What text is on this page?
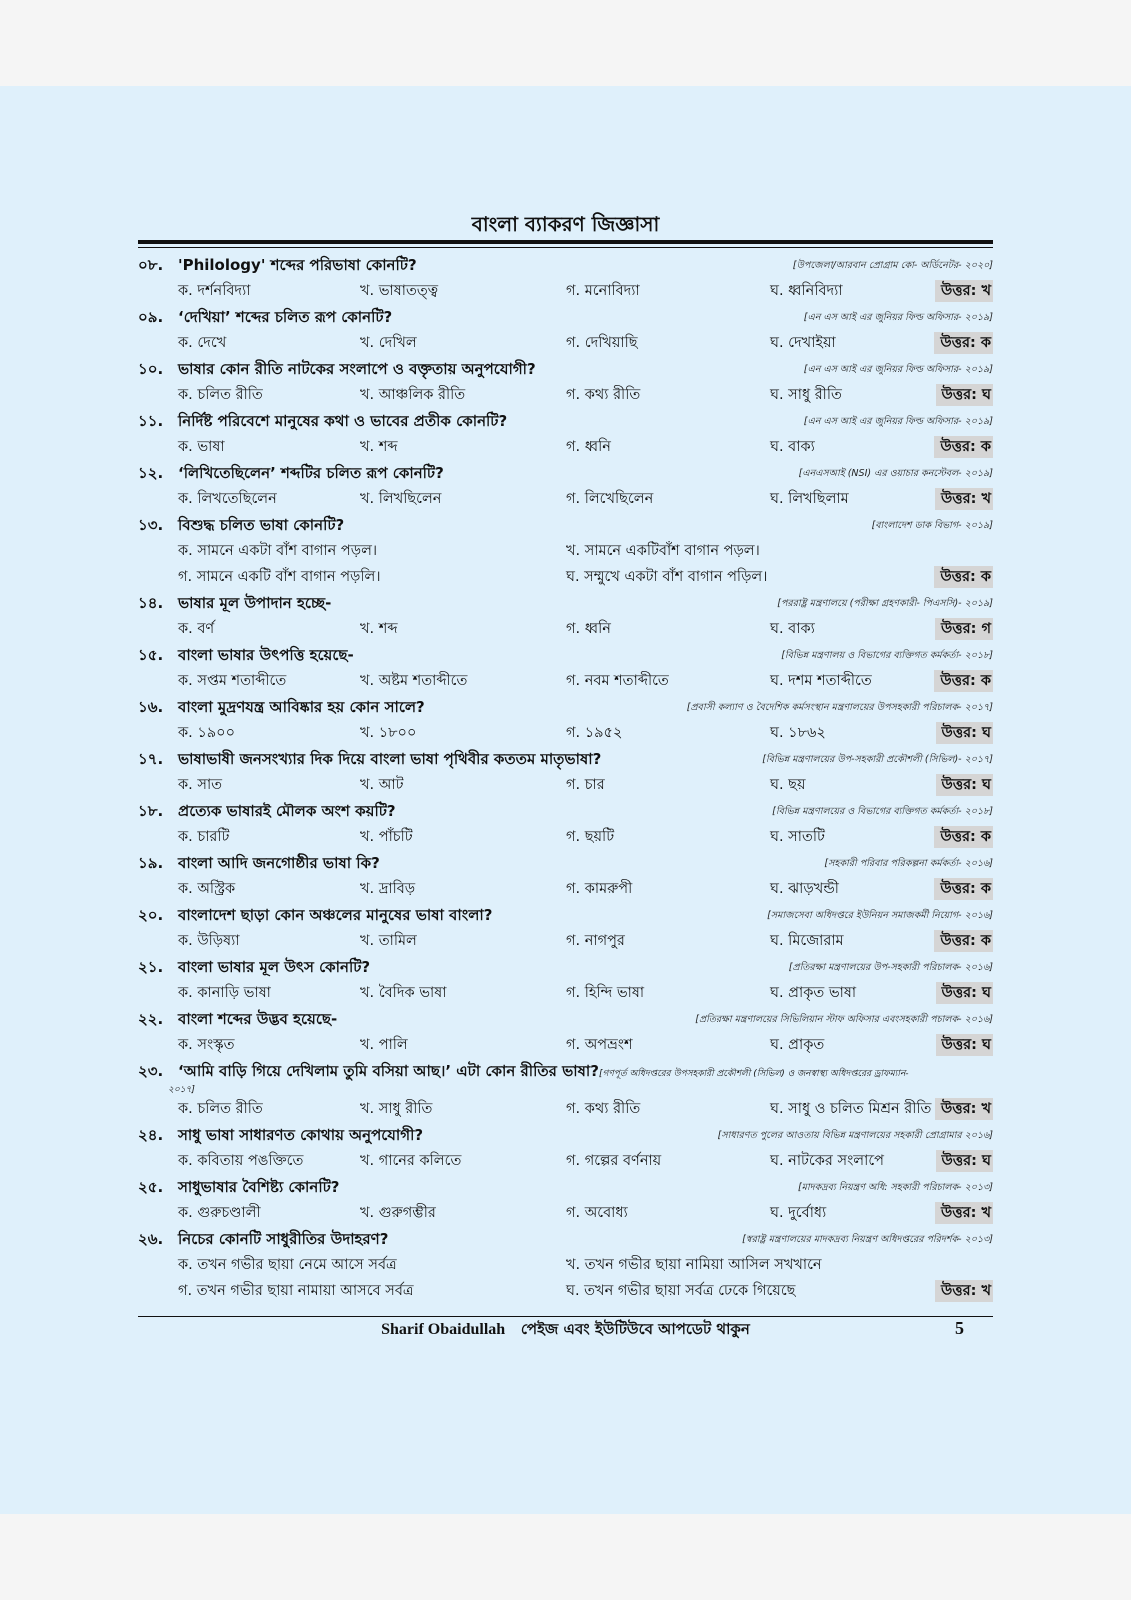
বাংলা ব্যাকরণ জিজ্ঞাসা
০৮. 'Philology' শব্দের পরিভাষা কোনটি?	[উপজেলা/আরবান প্রোগ্রাম কো- অর্ডিনেটর- ২০২০]
ক. দর্শনবিদ্যা	খ. ভাষাতত্ত্ব	গ. মনোবিদ্যা	ঘ. ধ্বনিবিদ্যা	উত্তর: খ
০৯. ‘দেখিয়া’ শব্দের চলিত রূপ কোনটি?	[এন এস আই এর জুনিয়র ফিল্ড অফিসার- ২০১৯]
ক. দেখে	খ. দেখিল	গ. দেখিয়াছি	ঘ. দেখাইয়া	উত্তর: ক
১০. ভাষার কোন রীতি নাটকের সংলাপে ও বক্তৃতায় অনুপযোগী?	[এন এস আই এর জুনিয়র ফিল্ড অফিসার- ২০১৯]
ক. চলিত রীতি	খ. আঞ্চলিক রীতি	গ. কথ্য রীতি	ঘ. সাধু রীতি	উত্তর: ঘ
১১. নির্দিষ্ট পরিবেশে মানুষের কথা ও ভাবের প্রতীক কোনটি?	[এন এস আই এর জুনিয়র ফিল্ড অফিসার- ২০১৯]
ক. ভাষা	খ. শব্দ	গ. ধ্বনি	ঘ. বাক্য	উত্তর: ক
১২. ‘লিখিতেছিলেন’ শব্দটির চলিত রূপ কোনটি?	[এনএসআই (NSI) এর ওয়াচার কনস্টেবল- ২০১৯]
ক. লিখতেছিলেন	খ. লিখছিলেন	গ. লিখেছিলেন	ঘ. লিখছিলাম	উত্তর: খ
১৩. বিশুদ্ধ চলিত ভাষা কোনটি?	[বাংলাদেশ ডাক বিভাগ- ২০১৯]
ক. সামনে একটা বাঁশ বাগান পড়ল।	খ. সামনে একটিবাঁশ বাগান পড়ল।
গ. সামনে একটি বাঁশ বাগান পড়লি।	ঘ. সম্মুখে একটা বাঁশ বাগান পড়িল।	উত্তর: ক
১৪. ভাষার মূল উপাদান হচ্ছে-	[পররাষ্ট্র মন্ত্রণালয়ে (পরীক্ষা গ্রহণকারী- পিএসসি)- ২০১৯]
ক. বর্ণ	খ. শব্দ	গ. ধ্বনি	ঘ. বাক্য	উত্তর: গ
১৫. বাংলা ভাষার উৎপত্তি হয়েছে-	[বিভিন্ন মন্ত্রণালয় ও বিভাগের ব্যক্তিগত কর্মকর্তা- ২০১৮]
ক. সপ্তম শতাব্দীতে	খ. অষ্টম শতাব্দীতে	গ. নবম শতাব্দীতে	ঘ. দশম শতাব্দীতে	উত্তর: ক
১৬. বাংলা মুদ্রণযন্ত্র আবিষ্কার হয় কোন সালে?	[প্রবাসী কল্যাণ ও বৈদেশিক কর্মসংস্থান মন্ত্রণালয়ের উপসহকারী পরিচালক- ২০১৭]
ক. ১৯০০	খ. ১৮০০	গ. ১৯৫২	ঘ. ১৮৬২	উত্তর: ঘ
১৭. ভাষাভাষী জনসংখ্যার দিক দিয়ে বাংলা ভাষা পৃথিবীর কততম মাতৃভাষা?	[বিভিন্ন মন্ত্রণালয়ের উপ-সহকারী প্রকৌশলী (সিভিল)- ২০১৭]
ক. সাত	খ. আট	গ. চার	ঘ. ছয়	উত্তর: ঘ
১৮. প্রত্যেক ভাষারই মৌলক অংশ কয়টি?	[বিভিন্ন মন্ত্রণালয়ের ও বিভাগের ব্যক্তিগত কর্মকর্তা- ২০১৮]
ক. চারটি	খ. পাঁচটি	গ. ছয়টি	ঘ. সাতটি	উত্তর: ক
১৯. বাংলা আদি জনগোষ্ঠীর ভাষা কি?	[সহকারী পরিবার পরিকল্পনা কর্মকর্তা- ২০১৬]
ক. অস্ট্রিক	খ. দ্রাবিড়	গ. কামরুপী	ঘ. ঝাড়খন্ডী	উত্তর: ক
২০. বাংলাদেশ ছাড়া কোন অঞ্চলের মানুষের ভাষা বাংলা?	[সমাজসেবা অধিদপ্তরে ইউনিয়ন সমাজকর্মী নিয়োগ- ২০১৬]
ক. উড়িষ্যা	খ. তামিল	গ. নাগপুর	ঘ. মিজোরাম	উত্তর: ক
২১. বাংলা ভাষার মূল উৎস কোনটি?	[প্রতিরক্ষা মন্ত্রণালয়ের উপ-সহকারী পরিচালক- ২০১৬]
ক. কানাড়ি ভাষা	খ. বৈদিক ভাষা	গ. হিন্দি ভাষা	ঘ. প্রাকৃত ভাষা	উত্তর: ঘ
২২. বাংলা শব্দের উদ্ভব হয়েছে-	[প্রতিরক্ষা মন্ত্রণালয়ের সিভিলিয়ান স্টাফ অফিসার এবংসহকারী পচালক- ২০১৬]
ক. সংস্কৃত	খ. পালি	গ. অপভ্রংশ	ঘ. প্রাকৃত	উত্তর: ঘ
২৩. ‘আমি বাড়ি গিয়ে দেখিলাম তুমি বসিয়া আছ।’ এটা কোন রীতির ভাষা?[গণপূর্ত অধিদপ্তরের উপসহকারী প্রকৌশলী (সিভিল) ও জনস্বাস্থ্য অধিদপ্তরের ড্রাফম্যান-
২০১৭]
ক. চলিত রীতি	খ. সাধু রীতি	গ. কথ্য রীতি	ঘ. সাধু ও চলিত মিশ্রন রীতি উত্তর: খ
২৪. সাধু ভাষা সাধারণত কোথায় অনুপযোগী?	[সাধারণত পুলের আওতায় বিভিন্ন মন্ত্রণালয়ের সহকারী প্রোগ্রামার ২০১৬]
ক. কবিতায় পঙক্তিতে	খ. গানের কলিতে	গ. গল্পের বর্ণনায়	ঘ. নাটকের সংলাপে	উত্তর: ঘ
২৫. সাধুভাষার বৈশিষ্ট্য কোনটি?	[মাদকদ্রব্য নিয়ন্ত্রণ অধি: সহকারী পরিচালক- ২০১৩]
ক. গুরুচণ্ডালী	খ. গুরুগম্ভীর	গ. অবোধ্য	ঘ. দুর্বোধ্য	উত্তর: খ
২৬. নিচের কোনটি সাধুরীতির উদাহরণ?	[স্বরাষ্ট্র মন্ত্রণালয়ের মাদকদ্রব্য নিয়ন্ত্রণ অধিদপ্তরের পরিদর্শক- ২০১৩]
ক. তখন গভীর ছায়া নেমে আসে সর্বত্র	খ. তখন গভীর ছায়া নামিয়া আসিল সখখানে
গ. তখন গভীর ছায়া নামায়া আসবে সর্বত্র	ঘ. তখন গভীর ছায়া সর্বত্র ঢেকে গিয়েছে	উত্তর: খ
Sharif Obaidullah পেইজ এবং ইউটিউবে আপডেট থাকুন	5
